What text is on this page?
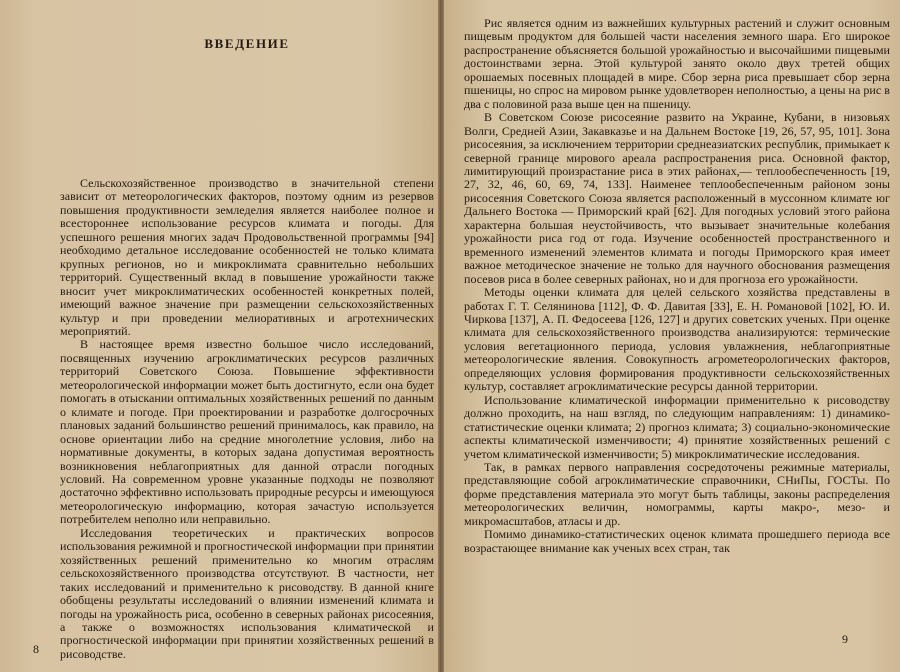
ВВЕДЕНИЕ

Сельскохозяйственное производство в значительной степени зависит от метеорологических факторов, поэтому одним из резервов повышения продуктивности земледелия является наиболее полное и всестороннее использование ресурсов климата и погоды. Для успешного решения многих задач Продовольственной программы [94] необходимо детальное исследование особенностей не только климата крупных регионов, но и микроклимата сравнительно небольших территорий. Существенный вклад в повышение урожайности также вносит учет микроклиматических особенностей конкретных полей, имеющий важное значение при размещении сельскохозяйственных культур и при проведении мелиоративных и агротехнических мероприятий.

В настоящее время известно большое число исследований, посвященных изучению агроклиматических ресурсов различных территорий Советского Союза. Повышение эффективности метеорологической информации может быть достигнуто, если она будет помогать в отыскании оптимальных хозяйственных решений по данным о климате и погоде. При проектировании и разработке долгосрочных плановых заданий большинство решений принималось, как правило, на основе ориентации либо на средние многолетние условия, либо на нормативные документы, в которых задана допустимая вероятность возникновения неблагоприятных для данной отрасли погодных условий. На современном уровне указанные подходы не позволяют достаточно эффективно использовать природные ресурсы и имеющуюся метеорологическую информацию, которая зачастую используется потребителем неполно или неправильно.

Исследования теоретических и практических вопросов использования режимной и прогностической информации при принятии хозяйственных решений применительно ко многим отраслям сельскохозяйственного производства отсутствуют. В частности, нет таких исследований и применительно к рисоводству. В данной книге обобщены результаты исследований о влиянии изменений климата и погоды на урожайность риса, особенно в северных районах рисосеяния, а также о возможностях использования климатической и прогностической информации при принятии хозяйственных решений в рисоводстве.

8

Рис является одним из важнейших культурных растений и служит основным пищевым продуктом для большей части населения земного шара. Его широкое распространение объясняется большой урожайностью и высочайшими пищевыми достоинствами зерна. Этой культурой занято около двух третей общих орошаемых посевных площадей в мире. Сбор зерна риса превышает сбор зерна пшеницы, но спрос на мировом рынке удовлетворен неполностью, а цены на рис в два с половиной раза выше цен на пшеницу.

В Советском Союзе рисосеяние развито на Украине, Кубани, в низовьях Волги, Средней Азии, Закавказье и на Дальнем Востоке [19, 26, 57, 95, 101]. Зона рисосеяния, за исключением территории среднеазиатских республик, примыкает к северной границе мирового ареала распространения риса. Основной фактор, лимитирующий произрастание риса в этих районах,— теплообеспеченность [19, 27, 32, 46, 60, 69, 74, 133]. Наименее теплообеспеченным районом зоны рисосеяния Советского Союза является расположенный в муссонном климате юг Дальнего Востока — Приморский край [62]. Для погодных условий этого района характерна большая неустойчивость, что вызывает значительные колебания урожайности риса год от года. Изучение особенностей пространственного и временного изменений элементов климата и погоды Приморского края имеет важное методическое значение не только для научного обоснования размещения посевов риса в более северных районах, но и для прогноза его урожайности.

Методы оценки климата для целей сельского хозяйства представлены в работах Г. Т. Селянинова [112], Ф. Ф. Давитая [33], Е. Н. Романовой [102], Ю. И. Чиркова [137], А. П. Федосеева [126, 127] и других советских ученых. При оценке климата для сельскохозяйственного производства анализируются: термические условия вегетационного периода, условия увлажнения, неблагоприятные метеорологические явления. Совокупность агрометеорологических факторов, определяющих условия формирования продуктивности сельскохозяйственных культур, составляет агроклиматические ресурсы данной территории.

Использование климатической информации применительно к рисоводству должно проходить, на наш взгляд, по следующим направлениям: 1) динамико-статистические оценки климата; 2) прогноз климата; 3) социально-экономические аспекты климатической изменчивости; 4) принятие хозяйственных решений с учетом климатической изменчивости; 5) микроклиматические исследования.

Так, в рамках первого направления сосредоточены режимные материалы, представляющие собой агроклиматические справочники, СНиПы, ГОСТы. По форме представления материала это могут быть таблицы, законы распределения метеорологических величин, номограммы, карты макро-, мезо- и микромасштабов, атласы и др.

Помимо динамико-статистических оценок климата прошедшего периода все возрастающее внимание как ученых всех стран, так

9
